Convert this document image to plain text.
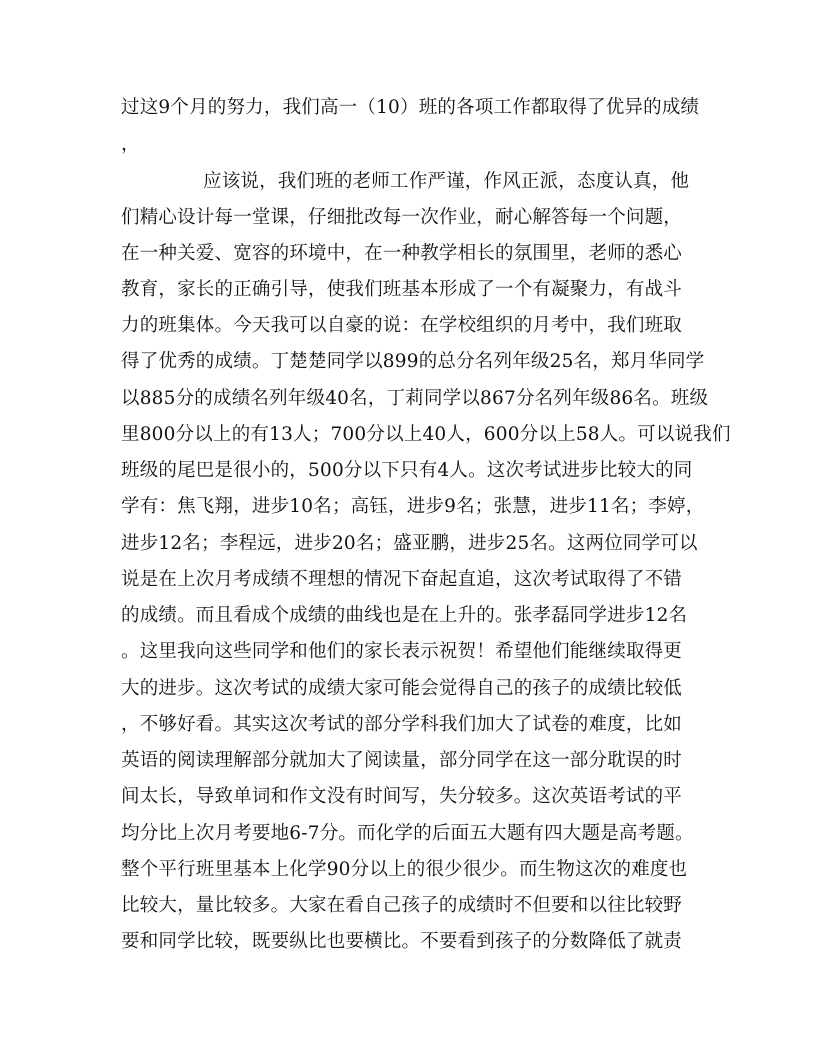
过这9个月的努力，我们高一（10）班的各项工作都取得了优异的成绩
，
应该说，我们班的老师工作严谨，作风正派，态度认真，他
们精心设计每一堂课，仔细批改每一次作业，耐心解答每一个问题，
在一种关爱、宽容的环境中，在一种教学相长的氛围里，老师的悉心
教育，家长的正确引导，使我们班基本形成了一个有凝聚力，有战斗
力的班集体。今天我可以自豪的说：在学校组织的月考中，我们班取
得了优秀的成绩。丁楚楚同学以899的总分名列年级25名，郑月华同学
以885分的成绩名列年级40名，丁莉同学以867分名列年级86名。班级
里800分以上的有13人；700分以上40人，600分以上58人。可以说我们
班级的尾巴是很小的，500分以下只有4人。这次考试进步比较大的同
学有：焦飞翔，进步10名；高钰，进步9名；张慧，进步11名；李婷，
进步12名；李程远，进步20名；盛亚鹏，进步25名。这两位同学可以
说是在上次月考成绩不理想的情况下奋起直追，这次考试取得了不错
的成绩。而且看成个成绩的曲线也是在上升的。张孝磊同学进步12名
。这里我向这些同学和他们的家长表示祝贺！希望他们能继续取得更
大的进步。这次考试的成绩大家可能会觉得自己的孩子的成绩比较低
，不够好看。其实这次考试的部分学科我们加大了试卷的难度，比如
英语的阅读理解部分就加大了阅读量，部分同学在这一部分耽误的时
间太长，导致单词和作文没有时间写，失分较多。这次英语考试的平
均分比上次月考要地6-7分。而化学的后面五大题有四大题是高考题。
整个平行班里基本上化学90分以上的很少很少。而生物这次的难度也
比较大，量比较多。大家在看自己孩子的成绩时不但要和以往比较野
要和同学比较，既要纵比也要横比。不要看到孩子的分数降低了就责
